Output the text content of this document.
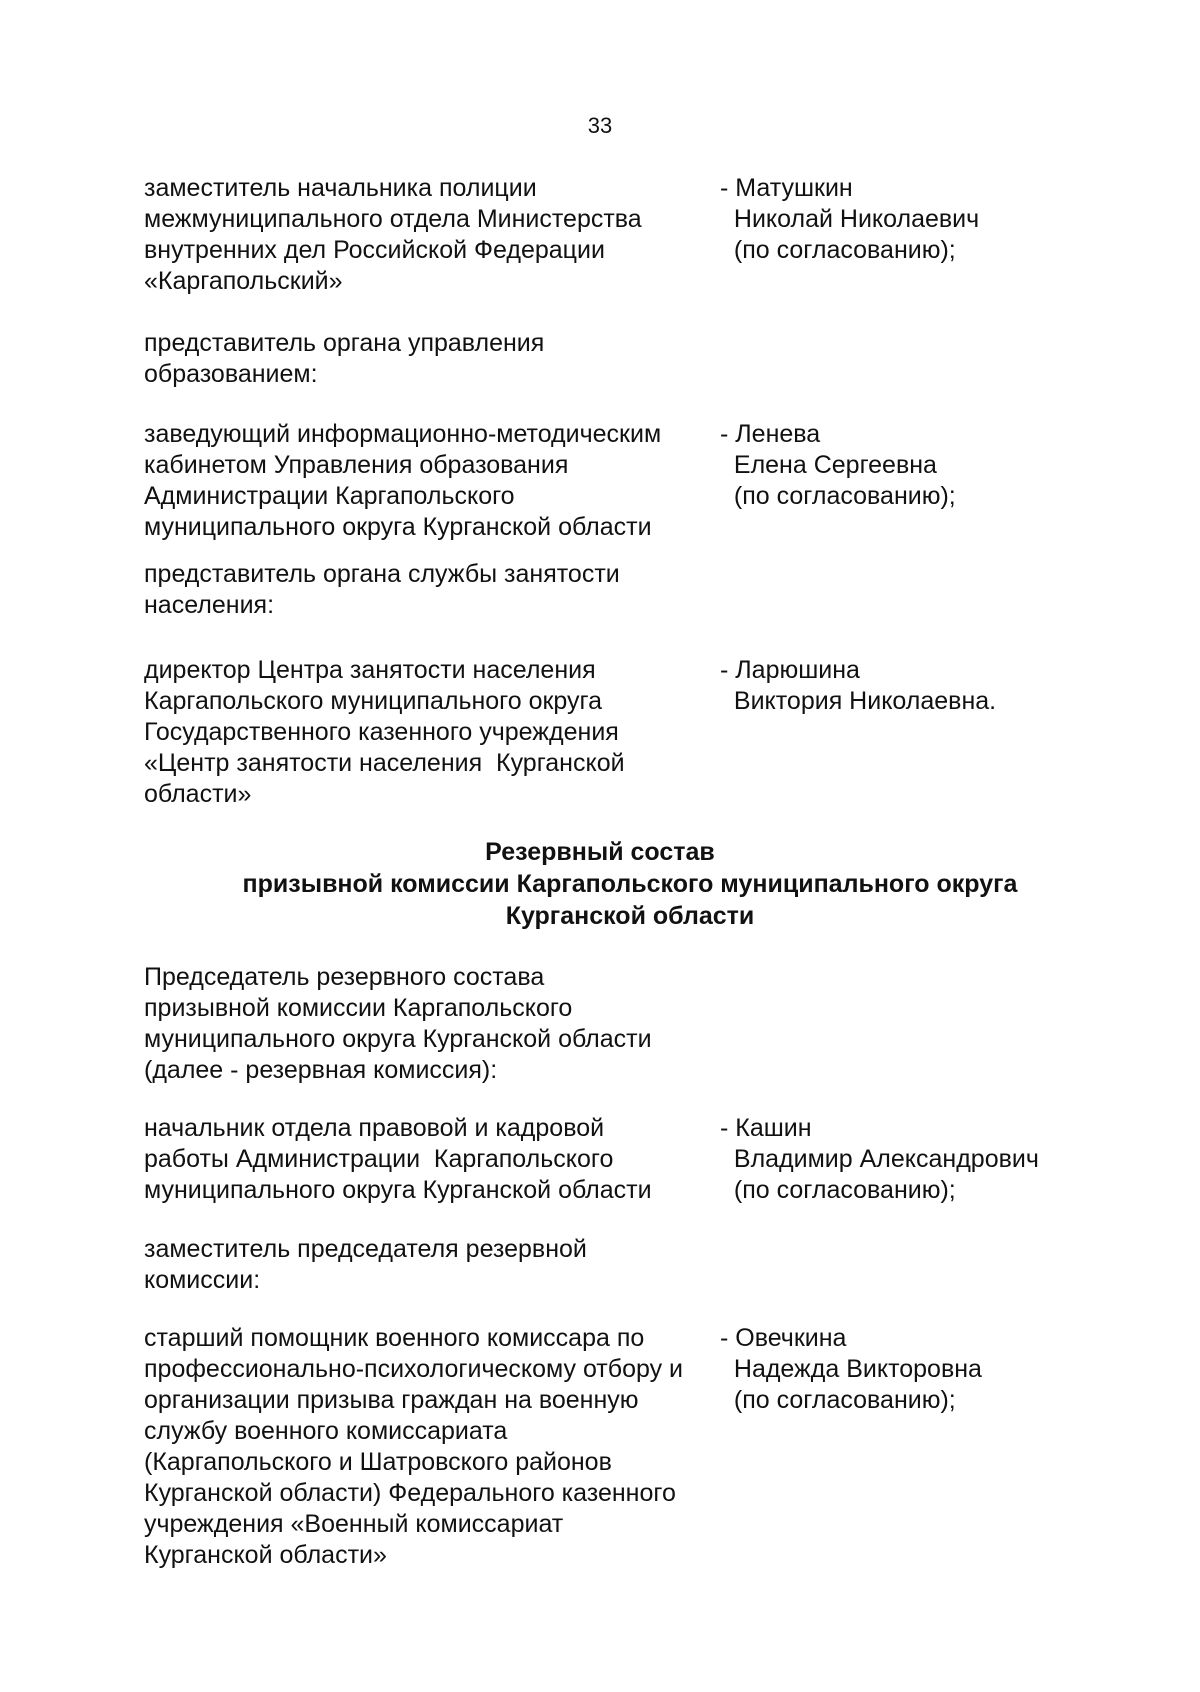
33
заместитель начальника полиции
межмуниципального отдела Министерства
внутренних дел Российской Федерации
«Каргапольский»
- Матушкин
Николай Николаевич
(по согласованию);
представитель органа управления
образованием:
заведующий информационно-методическим
кабинетом Управления образования
Администрации Каргапольского
муниципального округа Курганской области
- Ленева
Елена Сергеевна
(по согласованию);
представитель органа службы занятости
населения:
директор Центра занятости населения
Каргапольского муниципального округа
Государственного казенного учреждения
«Центр занятости населения  Курганской
области»
- Ларюшина
Виктория Николаевна.
Резервный состав
призывной комиссии Каргапольского муниципального округа
Курганской области
Председатель резервного состава
призывной комиссии Каргапольского
муниципального округа Курганской области
(далее - резервная комиссия):
начальник отдела правовой и кадровой
работы Администрации  Каргапольского
муниципального округа Курганской области
- Кашин
Владимир Александрович
(по согласованию);
заместитель председателя резервной
комиссии:
старший помощник военного комиссара по
профессионально-психологическому отбору и
организации призыва граждан на военную
службу военного комиссариата
(Каргапольского и Шатровского районов
Курганской области) Федерального казенного
учреждения «Военный комиссариат
Курганской области»
- Овечкина
Надежда Викторовна
(по согласованию);
